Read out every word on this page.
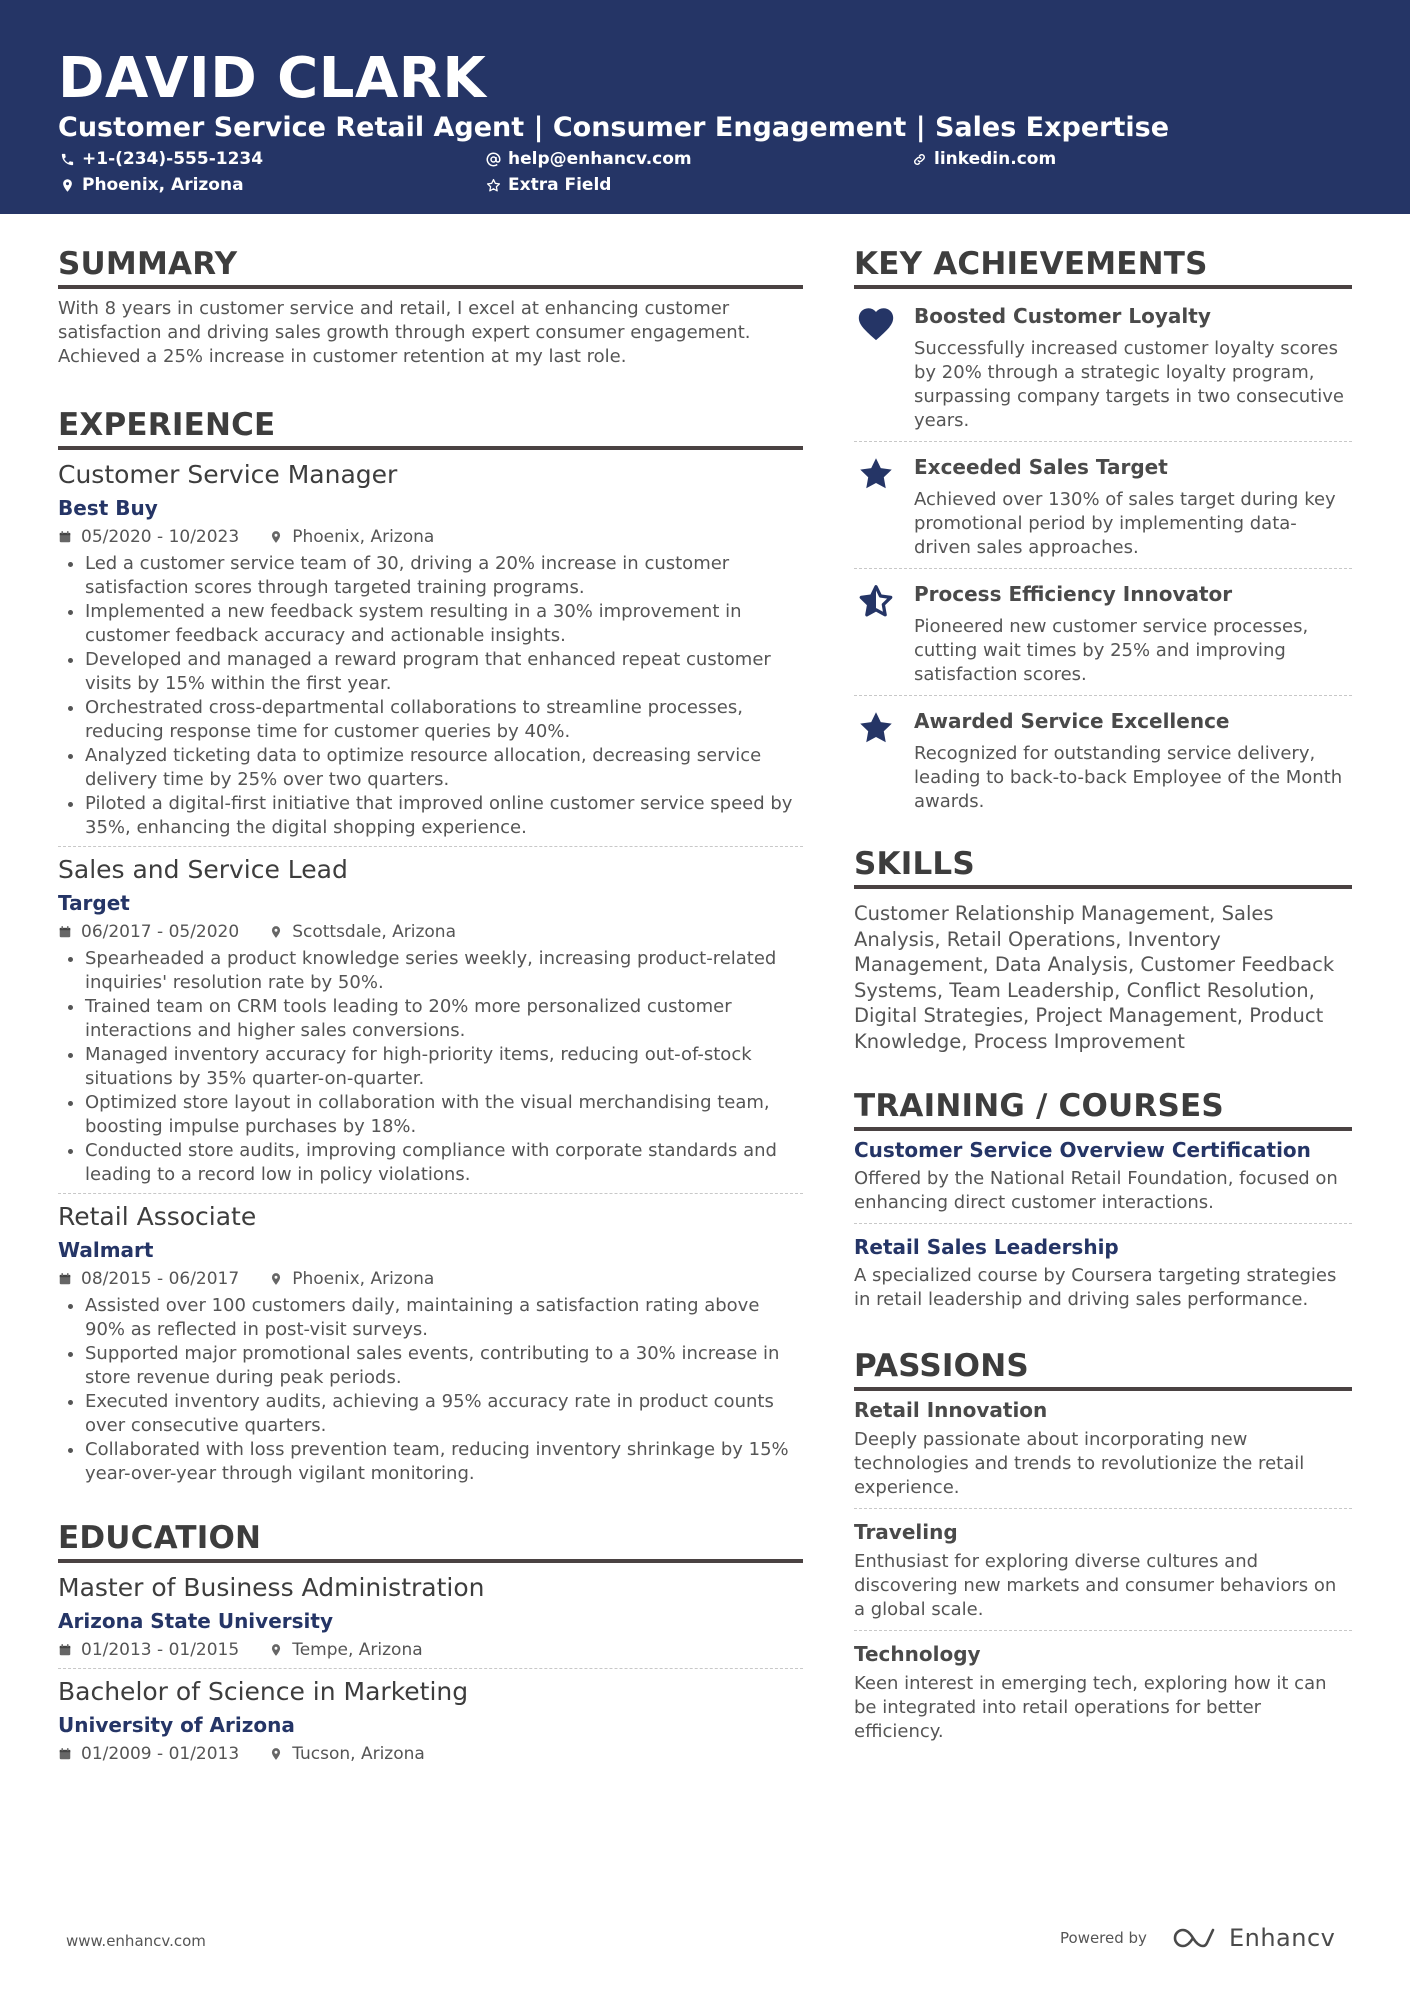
DAVID CLARK
Customer Service Retail Agent | Consumer Engagement | Sales Expertise
+1-(234)-555-1234	help@enhancv.com	linkedin.com
Phoenix, Arizona	Extra Field
SUMMARY
With 8 years in customer service and retail, I excel at enhancing customer satisfaction and driving sales growth through expert consumer engagement. Achieved a 25% increase in customer retention at my last role.
EXPERIENCE
Customer Service Manager
Best Buy
05/2020 - 10/2023	Phoenix, Arizona
Led a customer service team of 30, driving a 20% increase in customer satisfaction scores through targeted training programs.
Implemented a new feedback system resulting in a 30% improvement in customer feedback accuracy and actionable insights.
Developed and managed a reward program that enhanced repeat customer visits by 15% within the first year.
Orchestrated cross-departmental collaborations to streamline processes, reducing response time for customer queries by 40%.
Analyzed ticketing data to optimize resource allocation, decreasing service delivery time by 25% over two quarters.
Piloted a digital-first initiative that improved online customer service speed by 35%, enhancing the digital shopping experience.
Sales and Service Lead
Target
06/2017 - 05/2020	Scottsdale, Arizona
Spearheaded a product knowledge series weekly, increasing product-related inquiries' resolution rate by 50%.
Trained team on CRM tools leading to 20% more personalized customer interactions and higher sales conversions.
Managed inventory accuracy for high-priority items, reducing out-of-stock situations by 35% quarter-on-quarter.
Optimized store layout in collaboration with the visual merchandising team, boosting impulse purchases by 18%.
Conducted store audits, improving compliance with corporate standards and leading to a record low in policy violations.
Retail Associate
Walmart
08/2015 - 06/2017	Phoenix, Arizona
Assisted over 100 customers daily, maintaining a satisfaction rating above 90% as reflected in post-visit surveys.
Supported major promotional sales events, contributing to a 30% increase in store revenue during peak periods.
Executed inventory audits, achieving a 95% accuracy rate in product counts over consecutive quarters.
Collaborated with loss prevention team, reducing inventory shrinkage by 15% year-over-year through vigilant monitoring.
EDUCATION
Master of Business Administration
Arizona State University
01/2013 - 01/2015	Tempe, Arizona
Bachelor of Science in Marketing
University of Arizona
01/2009 - 01/2013	Tucson, Arizona
KEY ACHIEVEMENTS
Boosted Customer Loyalty
Successfully increased customer loyalty scores by 20% through a strategic loyalty program, surpassing company targets in two consecutive years.
Exceeded Sales Target
Achieved over 130% of sales target during key promotional period by implementing data-driven sales approaches.
Process Efficiency Innovator
Pioneered new customer service processes, cutting wait times by 25% and improving satisfaction scores.
Awarded Service Excellence
Recognized for outstanding service delivery, leading to back-to-back Employee of the Month awards.
SKILLS
Customer Relationship Management, Sales Analysis, Retail Operations, Inventory Management, Data Analysis, Customer Feedback Systems, Team Leadership, Conflict Resolution, Digital Strategies, Project Management, Product Knowledge, Process Improvement
TRAINING / COURSES
Customer Service Overview Certification
Offered by the National Retail Foundation, focused on enhancing direct customer interactions.
Retail Sales Leadership
A specialized course by Coursera targeting strategies in retail leadership and driving sales performance.
PASSIONS
Retail Innovation
Deeply passionate about incorporating new technologies and trends to revolutionize the retail experience.
Traveling
Enthusiast for exploring diverse cultures and discovering new markets and consumer behaviors on a global scale.
Technology
Keen interest in emerging tech, exploring how it can be integrated into retail operations for better efficiency.
www.enhancv.com	Powered by	Enhancv
